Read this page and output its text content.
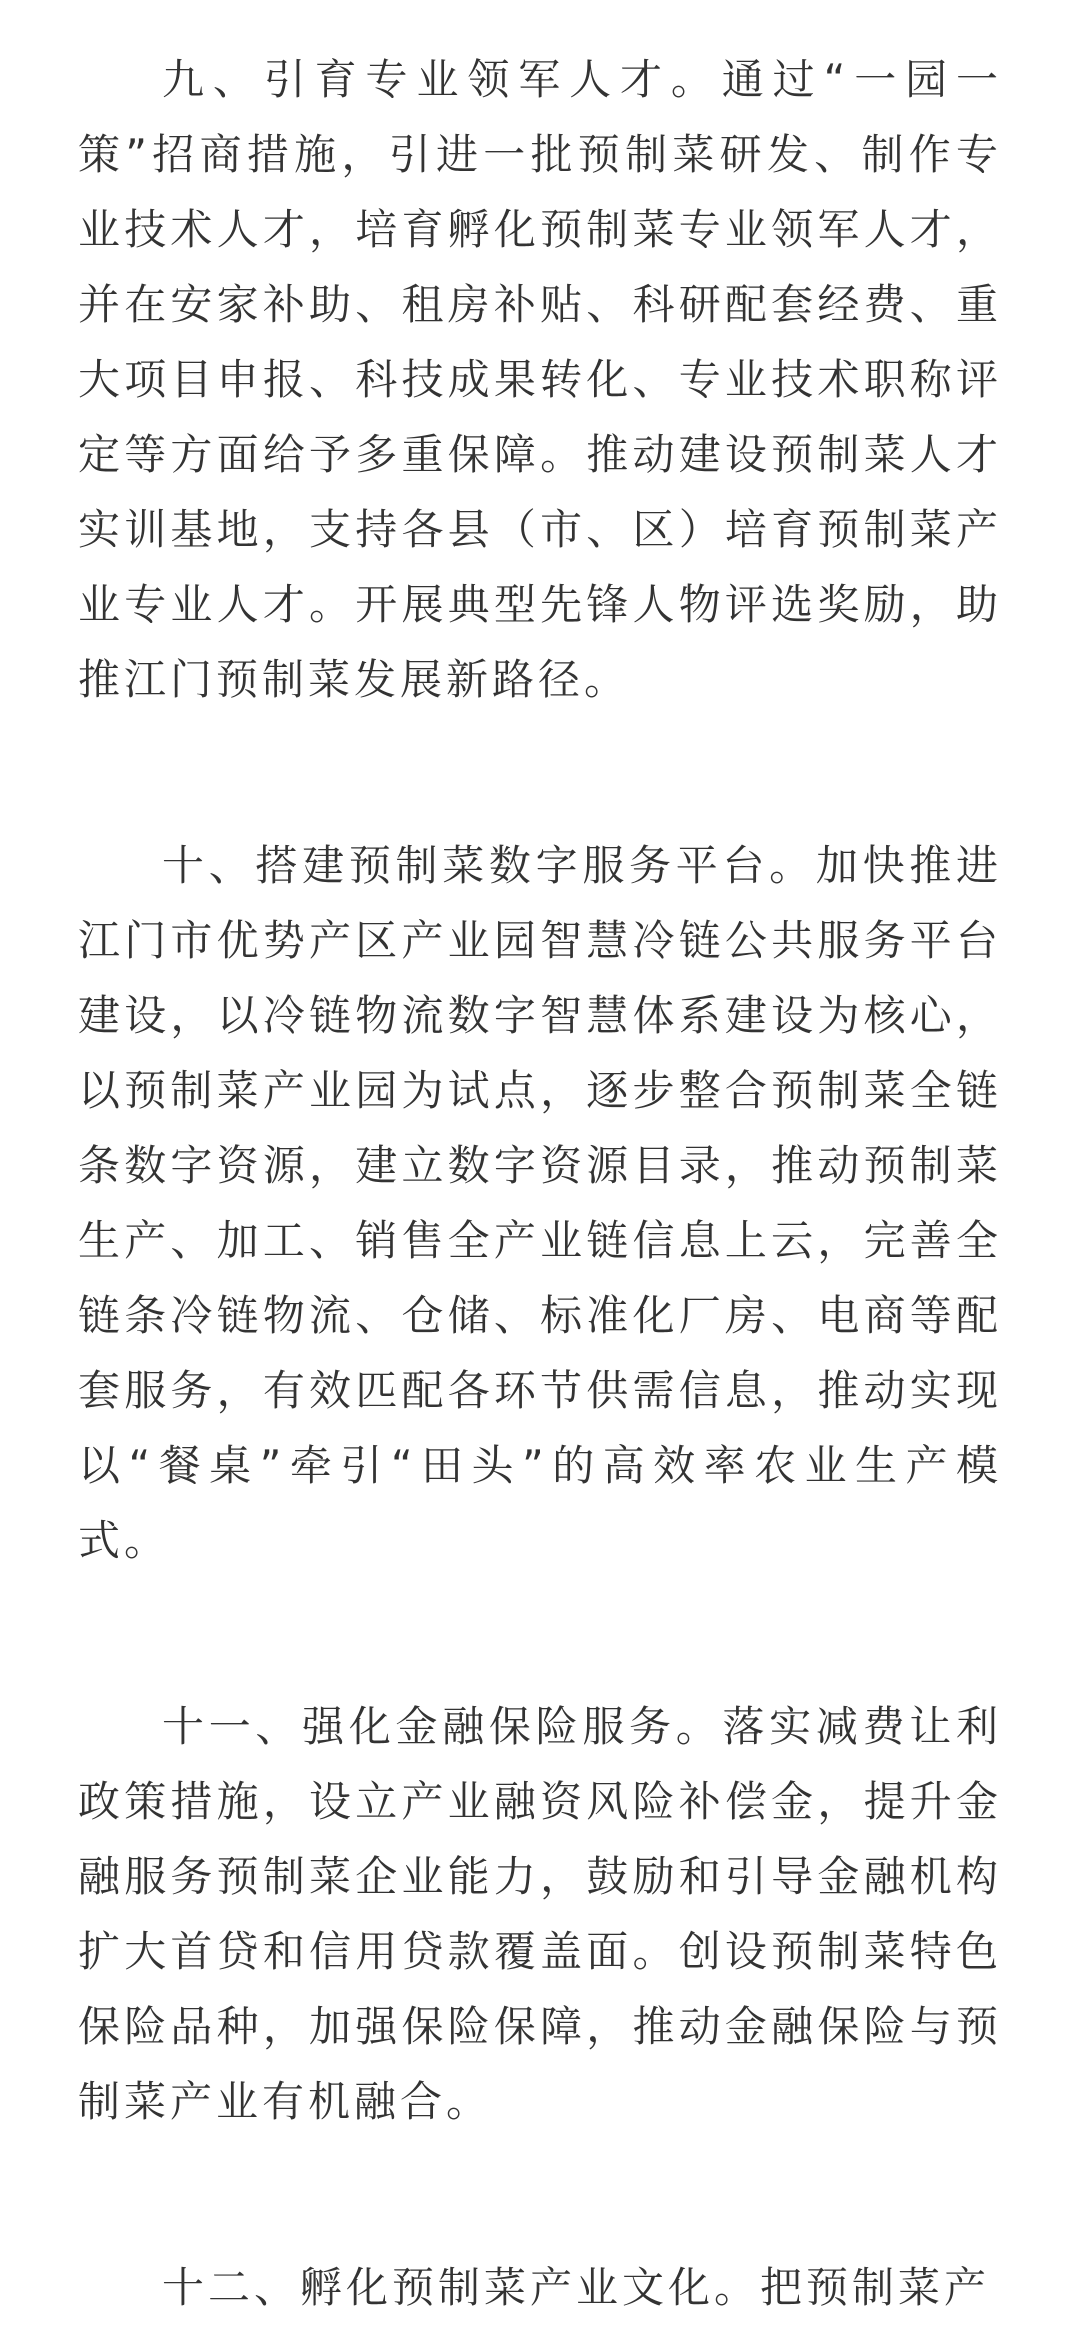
九、引育专业领军人才。通过“一园一策”招商措施，引进一批预制菜研发、制作专业技术人才，培育孵化预制菜专业领军人才，并在安家补助、租房补贴、科研配套经费、重大项目申报、科技成果转化、专业技术职称评定等方面给予多重保障。推动建设预制菜人才实训基地，支持各县（市、区）培育预制菜产业专业人才。开展典型先锋人物评选奖励，助推江门预制菜发展新路径。

十、搭建预制菜数字服务平台。加快推进江门市优势产区产业园智慧冷链公共服务平台建设，以冷链物流数字智慧体系建设为核心，以预制菜产业园为试点，逐步整合预制菜全链条数字资源，建立数字资源目录，推动预制菜生产、加工、销售全产业链信息上云，完善全链条冷链物流、仓储、标准化厂房、电商等配套服务，有效匹配各环节供需信息，推动实现以“餐桌”牵引“田头”的高效率农业生产模式。

十一、强化金融保险服务。落实减费让利政策措施，设立产业融资风险补偿金，提升金融服务预制菜企业能力，鼓励和引导金融机构扩大首贷和信用贷款覆盖面。创设预制菜特色保险品种，加强保险保障，推动金融保险与预制菜产业有机融合。

十二、孵化预制菜产业文化。把预制菜产
